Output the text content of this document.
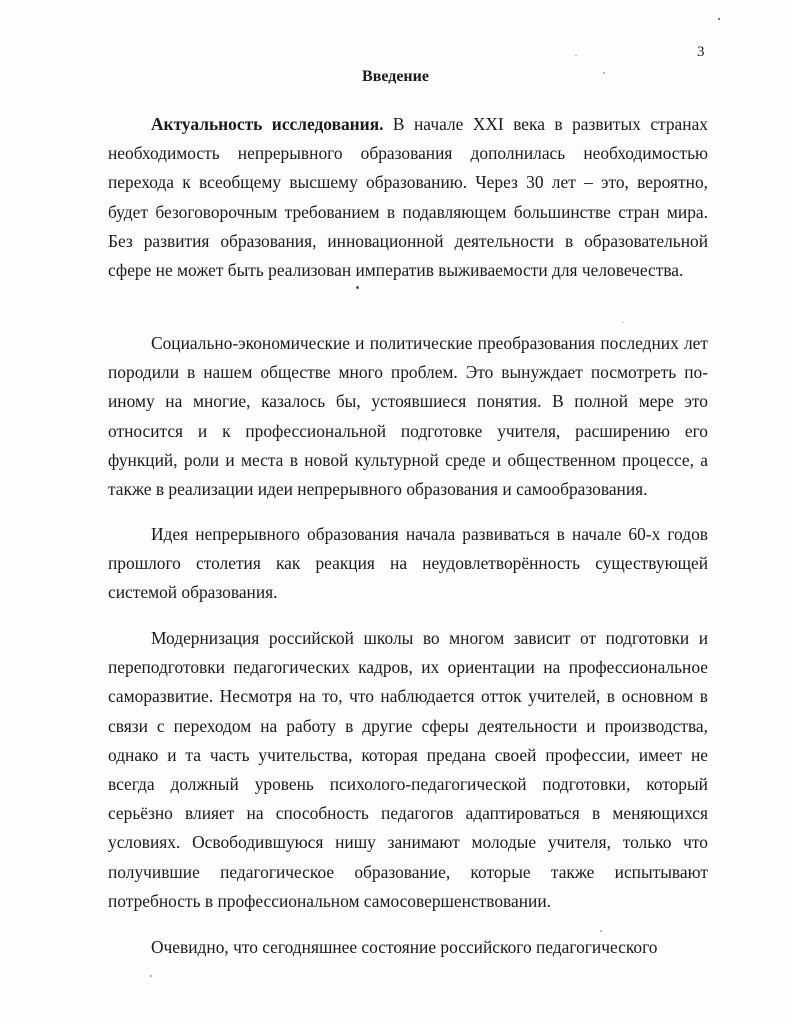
3
Введение

Актуальность исследования. В начале XXI века в развитых странах необходимость непрерывного образования дополнилась необходимостью перехода к всеобщему высшему образованию. Через 30 лет – это, вероятно, будет безоговорочным требованием в подавляющем большинстве стран мира. Без развития образования, инновационной деятельности в образовательной сфере не может быть реализован императив выживаемости для человечества.

Социально-экономические и политические преобразования последних лет породили в нашем обществе много проблем. Это вынуждает посмотреть по-иному на многие, казалось бы, устоявшиеся понятия. В полной мере это относится и к профессиональной подготовке учителя, расширению его функций, роли и места в новой культурной среде и общественном процессе, а также в реализации идеи непрерывного образования и самообразования.

Идея непрерывного образования начала развиваться в начале 60-х годов прошлого столетия как реакция на неудовлетворённость существующей системой образования.

Модернизация российской школы во многом зависит от подготовки и переподготовки педагогических кадров, их ориентации на профессиональное саморазвитие. Несмотря на то, что наблюдается отток учителей, в основном в связи с переходом на работу в другие сферы деятельности и производства, однако и та часть учительства, которая предана своей профессии, имеет не всегда должный уровень психолого-педагогической подготовки, который серьёзно влияет на способность педагогов адаптироваться в меняющихся условиях. Освободившуюся нишу занимают молодые учителя, только что получившие педагогическое образование, которые также испытывают потребность в профессиональном самосовершенствовании.

Очевидно, что сегодняшнее состояние российского педагогического
